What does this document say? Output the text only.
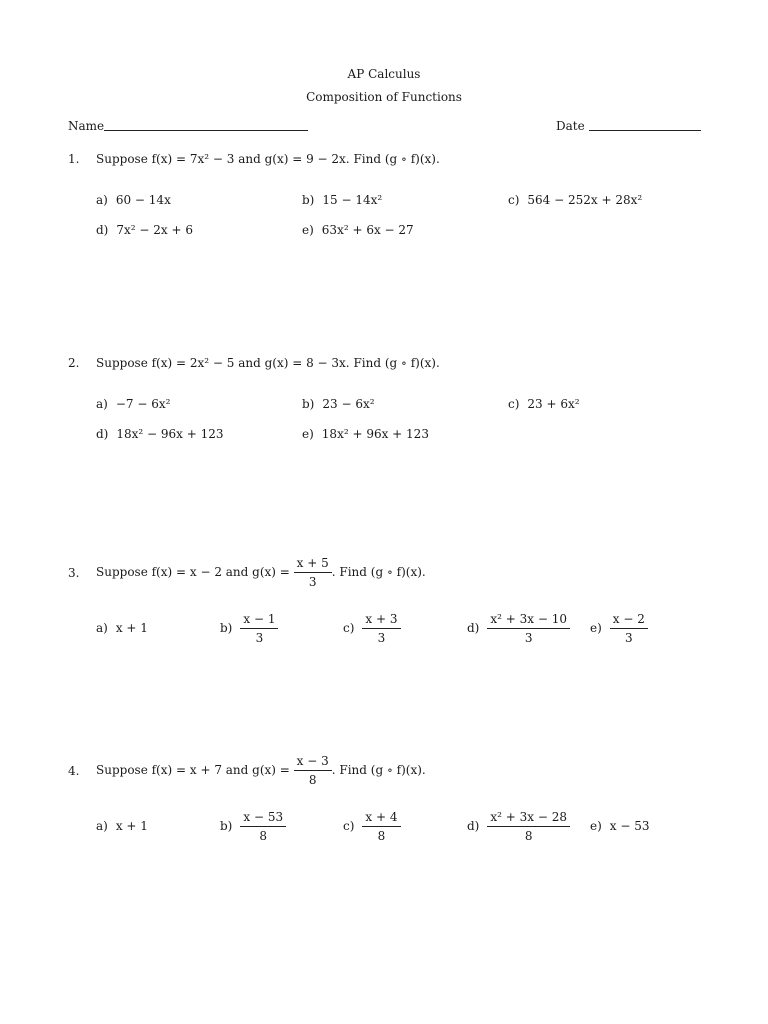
AP Calculus
Composition of Functions
Name	Date
1. Suppose f(x) = 7x² − 3 and g(x) = 9 − 2x. Find (g ∘ f)(x).
a) 60 − 14x	b) 15 − 14x²	c) 564 − 252x + 28x²
d) 7x² − 2x + 6	e) 63x² + 6x − 27
2. Suppose f(x) = 2x² − 5 and g(x) = 8 − 3x. Find (g ∘ f)(x).
a) −7 − 6x²	b) 23 − 6x²	c) 23 + 6x²
d) 18x² − 96x + 123	e) 18x² + 96x + 123
3. Suppose f(x) = x − 2 and g(x) =
$\frac{x + 5}{3}$ . Find (g ∘ f)(x).
a) x + 1	$b) \frac{x - 1}{3}$	$c) \frac{x + 3}{3}$	$d) \frac{\text{x² + 3x − 10}}{3} e) \frac{x - 2}{3}$
4. Suppose f(x) = x + 7 and g(x) =
$\frac{x - 3}{8}$ . Find (g ∘ f)(x).
a) x + 1	$b) \frac{x - 53}{8}$	$c) \frac{x + 4}{8}$	$d) \frac{\text{x² + 3x − 28}}{8} e$) x − 53
